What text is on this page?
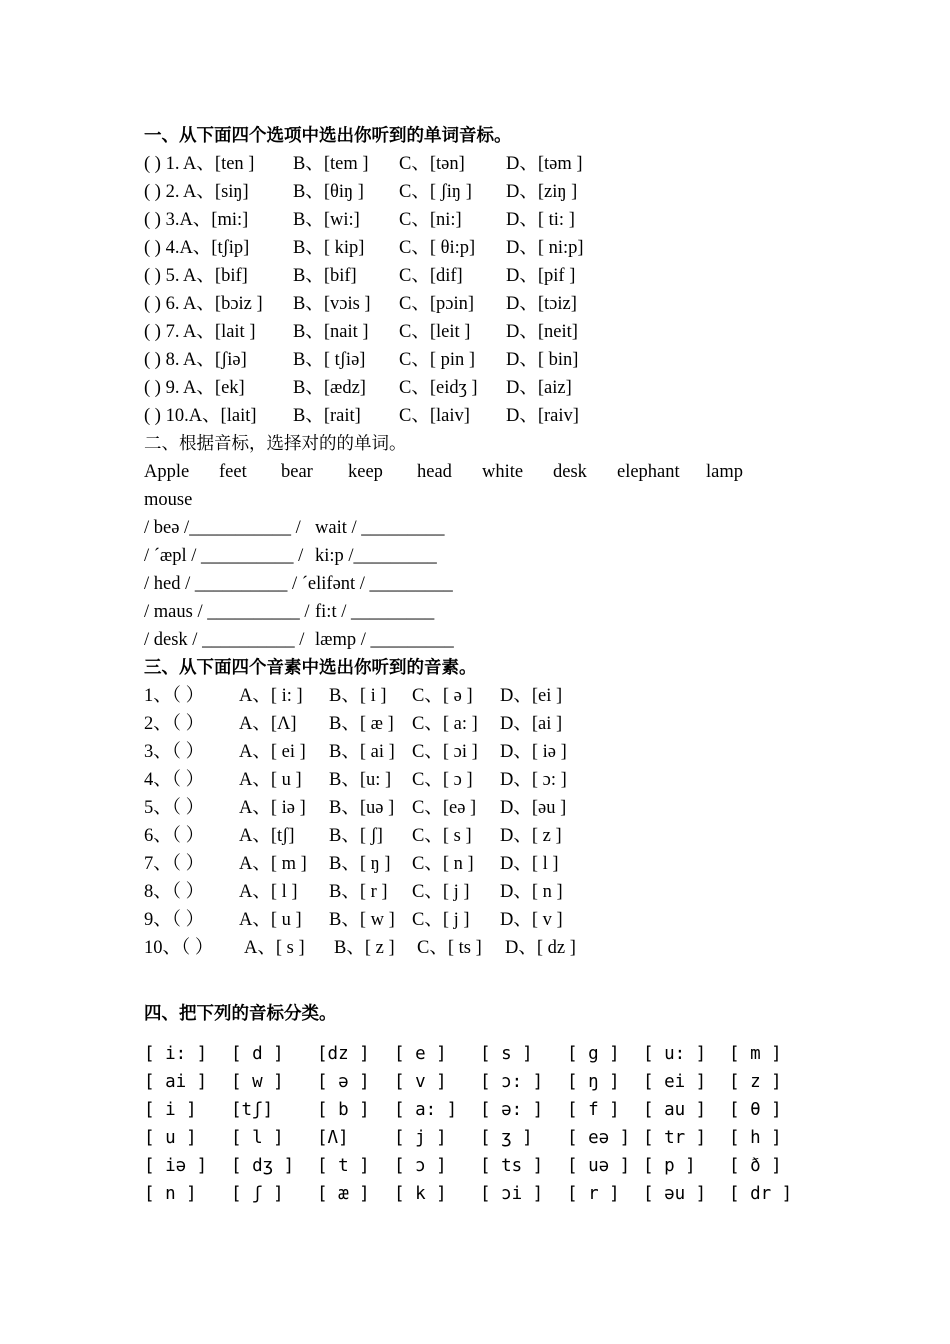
一、从下面四个选项中选出你听到的单词音标。
( ) 1. A、[ten ] B、[tem ] C、[tən] D、[təm ]
( ) 2. A、[siŋ] B、[θiŋ ] C、[ ʃiŋ ] D、[ziŋ ]
( ) 3.A、[mi:] B、[wi:] C、[ni:] D、[ ti: ]
( ) 4.A、[tʃip] B、[ kip] C、[ θi:p] D、[ ni:p]
( ) 5. A、[bif] B、[bif] C、[dif] D、[pif ]
( ) 6. A、[bɔiz ] B、[vɔis ] C、[pɔin] D、[tɔiz]
( ) 7. A、[lait ] B、[nait ] C、[leit ] D、[neit]
( ) 8. A、[ʃiə]	B、[ tʃiə] C、[ pin ] D、[ bin]
( ) 9. A、[ek]	B、[ædz] C、[eidʒ ] D、[aiz]
( ) 10.A、[lait] B、[rait] C、[laiv] D、[raiv]
二、根据音标，选择对的的单词。
Apple feet bear keep head white desk elephant lamp
mouse
/ beə /___________ / wait / _________
/ ˊæpl / __________ / ki:p /_________
/ hed / __________ / ˊelifənt / _________
/ maus / __________ / fi:t / _________
/ desk / __________ / læmp / _________
三、从下面四个音素中选出你听到的音素。
1、（ ） A、[ i: ] B、[ i ] C、[ ə ] D、[ei ]
2、（ ） A、[Λ] B、[ æ ] C、[ a: ] D、[ai ]
3、（ ） A、[ ei ] B、[ ai ] C、[ ɔi ] D、[ iə ]
4、（ ） A、[ u ] B、[u: ] C、[ ɔ ] D、[ ɔ: ]
5、（ ） A、[ iə ] B、[uə ] C、[eə ] D、[əu ]
6、（ ） A、[tʃ] B、[ ʃ] C、[ s ] D、[ z ]
7、（ ） A、[ m ] B、[ ŋ ] C、[ n ] D、[ l ]
8、（ ） A、[ l ] B、[ r ] C、[ j ] D、[ n ]
9、（ ） A、[ u ] B、[ w ] C、[ j ] D、[ v ]
10、（ ） A、[ s ] B、[ z ] C、[ ts ] D、[ dz ]
四、把下列的音标分类。
[ i: ] [ d ] [dz ] [ e ] [ s ] [ g ] [ u: ] [ m ]
[ ai ] [ w ] [ ə ] [ v ] [ ɔ: ] [ ŋ ] [ ei ] [ z ]
[ i ] [tʃ]	[ b ] [ a: ] [ ə: ] [ f ] [ au ] [ θ ]
[ u ] [ l ] [Λ]	[ j ] [ ʒ ] [ eə ] [ tr ] [ h ]
[ iə ] [ dʒ ] [ t ] [ ɔ ] [ ts ] [ uə ] [ p ] [ ð ]
[ n ] [ ʃ ] [ æ ] [ k ] [ ɔi ] [ r ] [ əu ] [ dr ]
